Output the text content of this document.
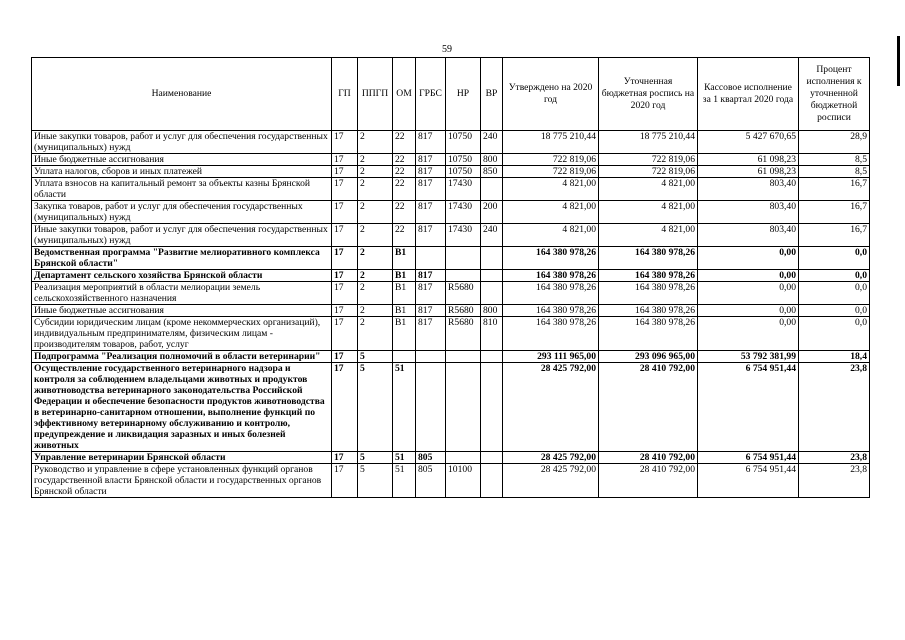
59
Наименование	ГП	ППГП	ОМ	ГРБС	НР	ВР	Утверждено на 2020 год	Уточненная бюджетная роспись на 2020 год	Кассовое исполнение за 1 квартал 2020 года	Процент исполнения к уточненной бюджетной росписи
Иные закупки товаров, работ и услуг для обеспечения государственных (муниципальных) нужд	17	2	22	817	10750	240	18 775 210,44	18 775 210,44	5 427 670,65	28,9
Иные бюджетные ассигнования	17	2	22	817	10750	800	722 819,06	722 819,06	61 098,23	8,5
Уплата налогов, сборов и иных платежей	17	2	22	817	10750	850	722 819,06	722 819,06	61 098,23	8,5
Уплата взносов на капитальный ремонт за объекты казны Брянской области	17	2	22	817	17430		4 821,00	4 821,00	803,40	16,7
Закупка товаров, работ и услуг для обеспечения государственных (муниципальных) нужд	17	2	22	817	17430	200	4 821,00	4 821,00	803,40	16,7
Иные закупки товаров, работ и услуг для обеспечения государственных (муниципальных) нужд	17	2	22	817	17430	240	4 821,00	4 821,00	803,40	16,7
Ведомственная программа "Развитие мелиоративного комплекса Брянской области"	17	2	В1				164 380 978,26	164 380 978,26	0,00	0,0
Департамент сельского хозяйства Брянской области	17	2	В1	817			164 380 978,26	164 380 978,26	0,00	0,0
Реализация мероприятий в области мелиорации земель сельскохозяйственного назначения	17	2	В1	817	R5680		164 380 978,26	164 380 978,26	0,00	0,0
Иные бюджетные ассигнования	17	2	В1	817	R5680	800	164 380 978,26	164 380 978,26	0,00	0,0
Субсидии юридическим лицам (кроме некоммерческих организаций), индивидуальным предпринимателям, физическим лицам - производителям товаров, работ, услуг	17	2	В1	817	R5680	810	164 380 978,26	164 380 978,26	0,00	0,0
Подпрограмма "Реализация полномочий в области ветеринарии"	17	5					293 111 965,00	293 096 965,00	53 792 381,99	18,4
Осуществление государственного ветеринарного надзора и контроля за соблюдением владельцами животных и продуктов животноводства ветеринарного законодательства Российской Федерации и обеспечение безопасности продуктов животноводства в ветеринарно-санитарном отношении, выполнение функций по эффективному ветеринарному обслуживанию и контролю, предупреждение и ликвидация заразных и иных болезней животных	17	5	51				28 425 792,00	28 410 792,00	6 754 951,44	23,8
Управление ветеринарии Брянской области	17	5	51	805			28 425 792,00	28 410 792,00	6 754 951,44	23,8
Руководство и управление в сфере установленных функций органов государственной власти Брянской области и государственных органов Брянской области	17	5	51	805	10100		28 425 792,00	28 410 792,00	6 754 951,44	23,8
